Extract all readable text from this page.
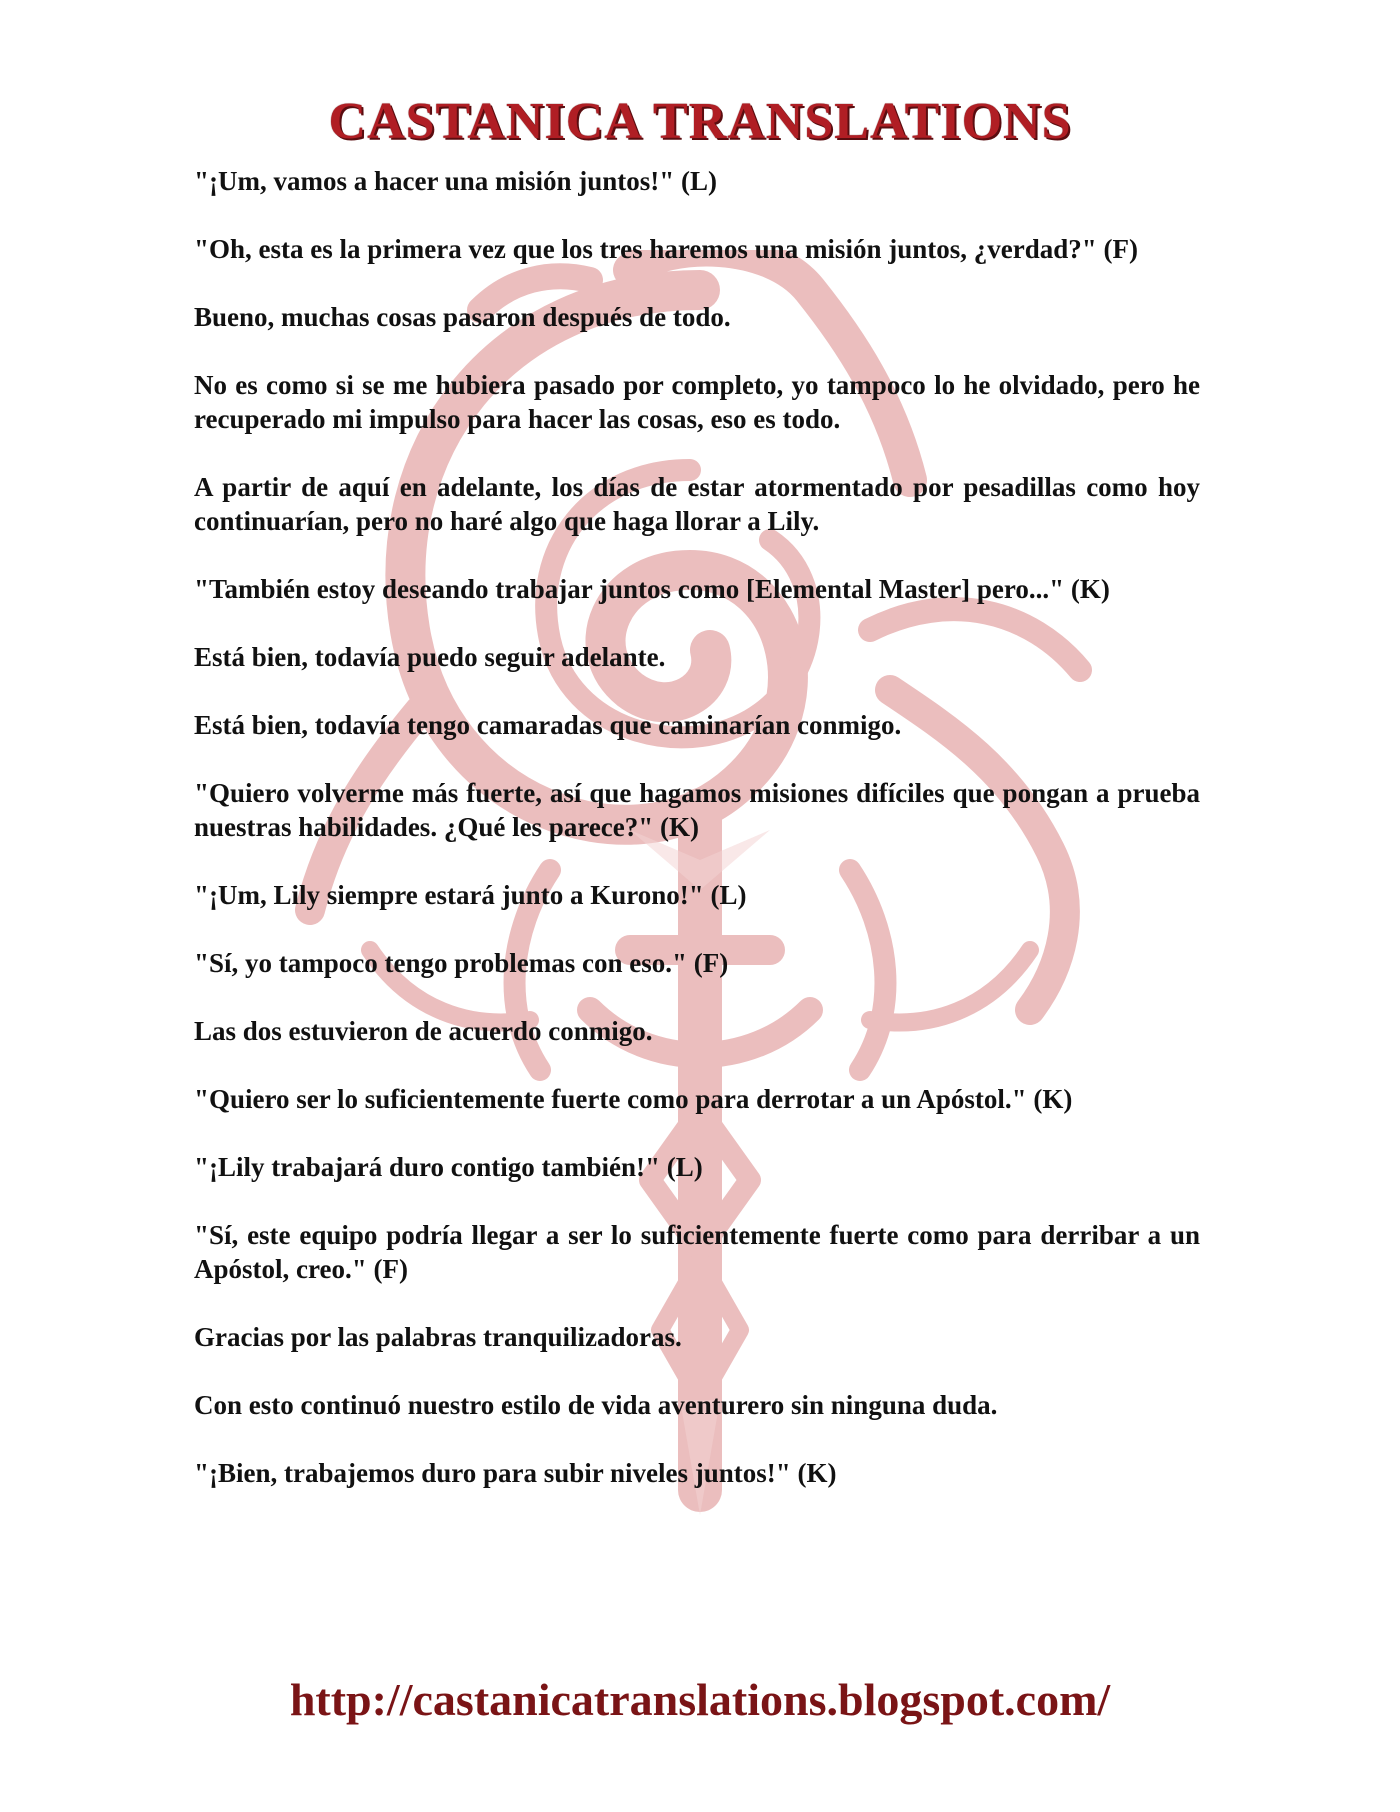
CASTANICA TRANSLATIONS

"¡Um, vamos a hacer una misión juntos!" (L)

"Oh, esta es la primera vez que los tres haremos una misión juntos, ¿verdad?" (F)

Bueno, muchas cosas pasaron después de todo.

No es como si se me hubiera pasado por completo, yo tampoco lo he olvidado, pero he recuperado mi impulso para hacer las cosas, eso es todo.

A partir de aquí en adelante, los días de estar atormentado por pesadillas como hoy continuarían, pero no haré algo que haga llorar a Lily.

"También estoy deseando trabajar juntos como [Elemental Master] pero..." (K)

Está bien, todavía puedo seguir adelante.

Está bien, todavía tengo camaradas que caminarían conmigo.

"Quiero volverme más fuerte, así que hagamos misiones difíciles que pongan a prueba nuestras habilidades. ¿Qué les parece?" (K)

"¡Um, Lily siempre estará junto a Kurono!" (L)

"Sí, yo tampoco tengo problemas con eso." (F)

Las dos estuvieron de acuerdo conmigo.

"Quiero ser lo suficientemente fuerte como para derrotar a un Apóstol." (K)

"¡Lily trabajará duro contigo también!" (L)

"Sí, este equipo podría llegar a ser lo suficientemente fuerte como para derribar a un Apóstol, creo." (F)

Gracias por las palabras tranquilizadoras.

Con esto continuó nuestro estilo de vida aventurero sin ninguna duda.

"¡Bien, trabajemos duro para subir niveles juntos!" (K)

http://castanicatranslations.blogspot.com/
